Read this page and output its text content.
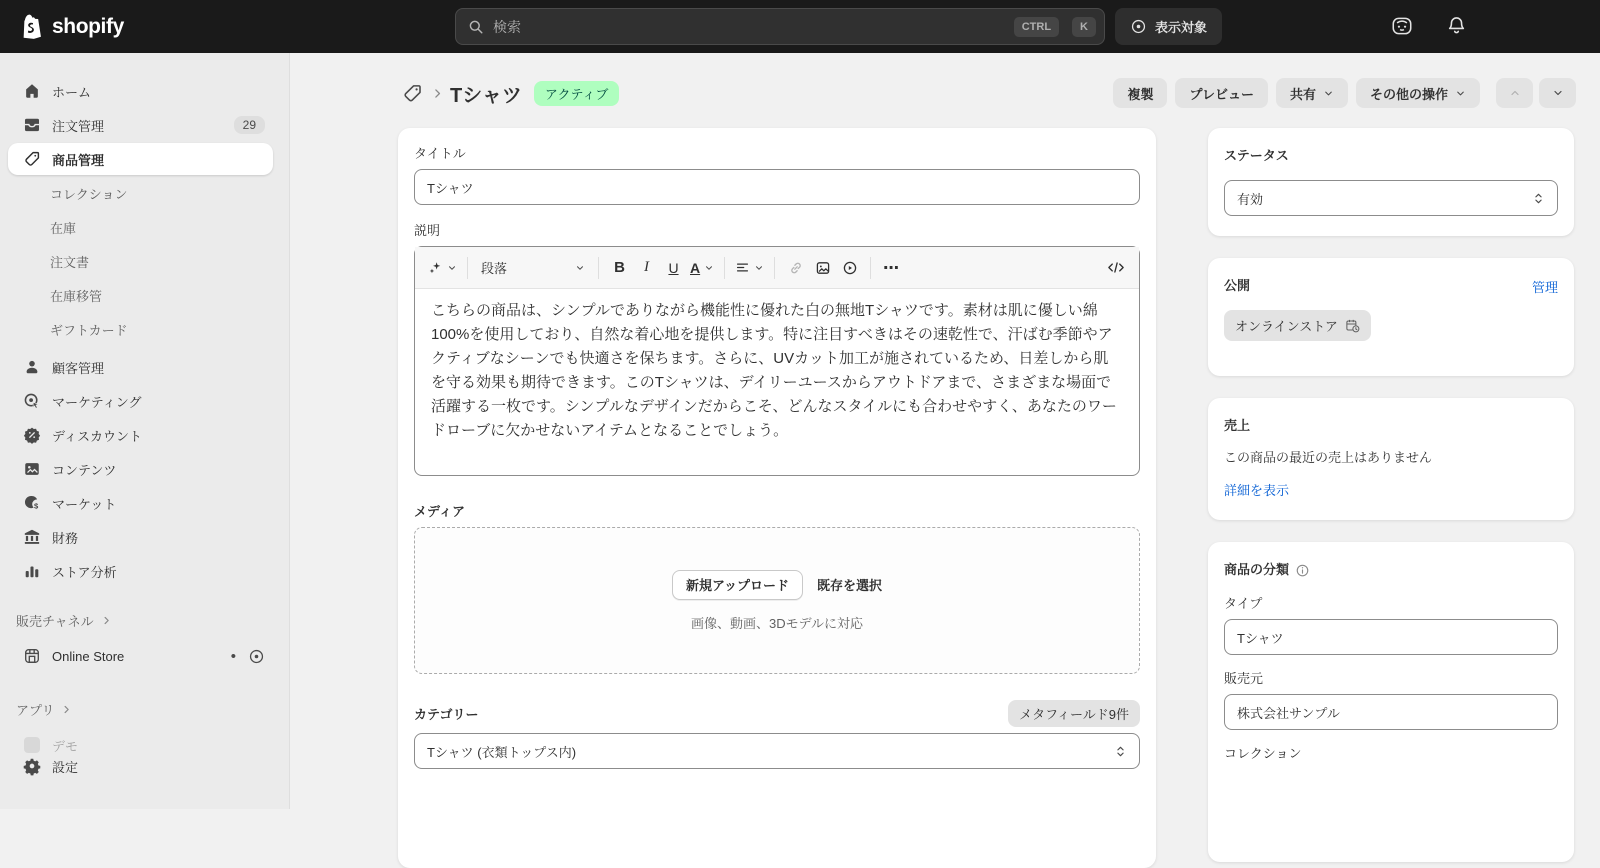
shopify	検索	CTRL	K	表示対象
ホーム
注文管理	29
商品管理
コレクション
在庫
注文書
在庫移管
ギフトカード
顧客管理
マーケティング
ディスカウント
コンテンツ
$ マーケット
財務
ストア分析
販売チャネル
Online Store	•
アプリ
デモ
設定
Tシャツ	アクティブ	複製	プレビュー	共有	その他の操作
タイトル
Tシャツ
説明
段落	B	I	U A	⋯
こちらの商品は、シンプルでありながら機能性に優れた白の無地Tシャツです。素材は肌に優しい綿100%を使用しており、自然な着心地を提供します。特に注目すべきはその速乾性で、汗ばむ季節やアクティブなシーンでも快適さを保ちます。さらに、UVカット加工が施されているため、日差しから肌を守る効果も期待できます。このTシャツは、デイリーユースからアウトドアまで、さまざまな場面で活躍する一枚です。シンプルなデザインだからこそ、どんなスタイルにも合わせやすく、あなたのワードローブに欠かせないアイテムとなることでしょう。
メディア
新規アップロード	既存を選択
画像、動画、3Dモデルに対応
カテゴリー	メタフィールド9件
Tシャツ (衣類トップス内)
ステータス
有効
公開	管理
オンラインストア
売上

この商品の最近の売上はありません

詳細を表示
商品の分類
タイプ
Tシャツ
販売元
株式会社サンプル
コレクション
